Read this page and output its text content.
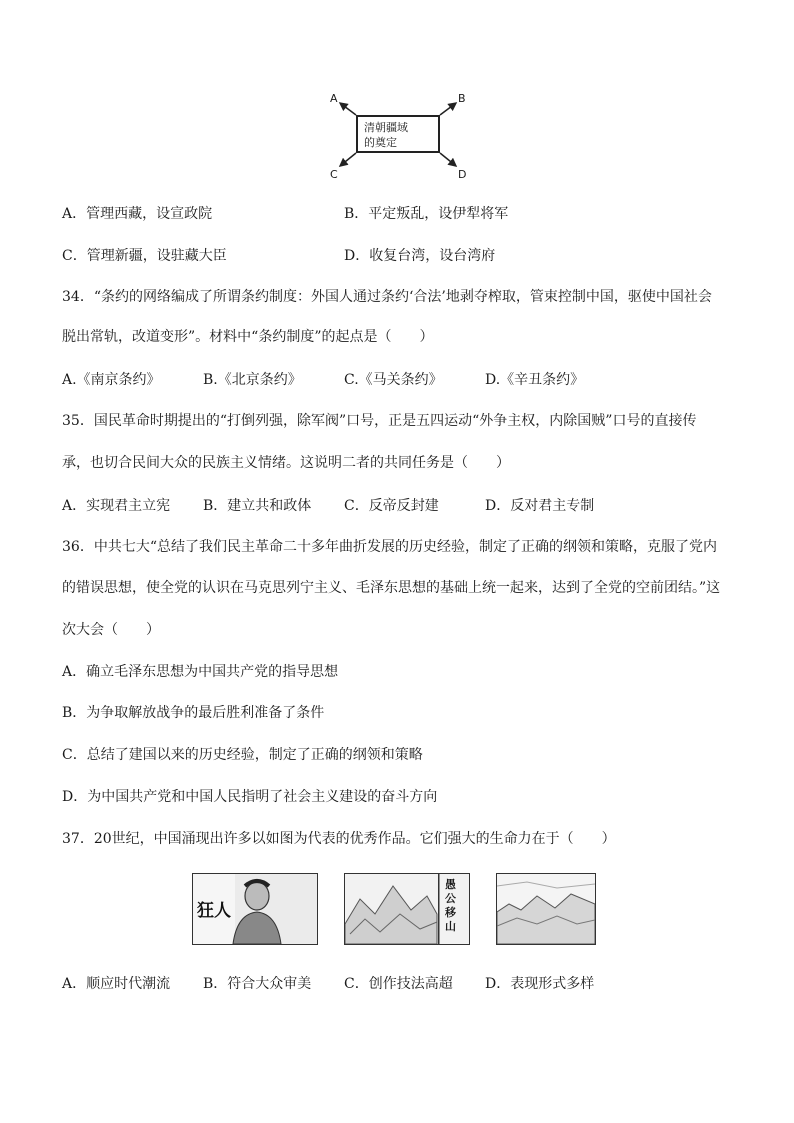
A	B
C	D
清朝疆域
的奠定
A．管理西藏，设宣政院	B．平定叛乱，设伊犁将军
C．管理新疆，设驻藏大臣	D．收复台湾，设台湾府
34．“条约的网络编成了所谓条约制度：外国人通过条约‘合法’地剥夺榨取，管束控制中国，驱使中国社会
脱出常轨，改道变形”。材料中“条约制度”的起点是（　　）
A.《南京条约》	B.《北京条约》	C.《马关条约》	D.《辛丑条约》
35．国民革命时期提出的“打倒列强，除军阀”口号，正是五四运动“外争主权，内除国贼”口号的直接传
承，也切合民间大众的民族主义情绪。这说明二者的共同任务是（　　）
A．实现君主立宪 B．建立共和政体 C．反帝反封建	D．反对君主专制
36．中共七大“总结了我们民主革命二十多年曲折发展的历史经验，制定了正确的纲领和策略，克服了党内
的错误思想，使全党的认识在马克思列宁主义、毛泽东思想的基础上统一起来，达到了全党的空前团结。”这
次大会（　　）
A．确立毛泽东思想为中国共产党的指导思想
B．为争取解放战争的最后胜利准备了条件
C．总结了建国以来的历史经验，制定了正确的纲领和策略
D．为中国共产党和中国人民指明了社会主义建设的奋斗方向
37．20世纪，中国涌现出许多以如图为代表的优秀作品。它们强大的生命力在于（　　）
狂人
愚公移山
A．顺应时代潮流 B．符合大众审美 C．创作技法高超 D．表现形式多样
